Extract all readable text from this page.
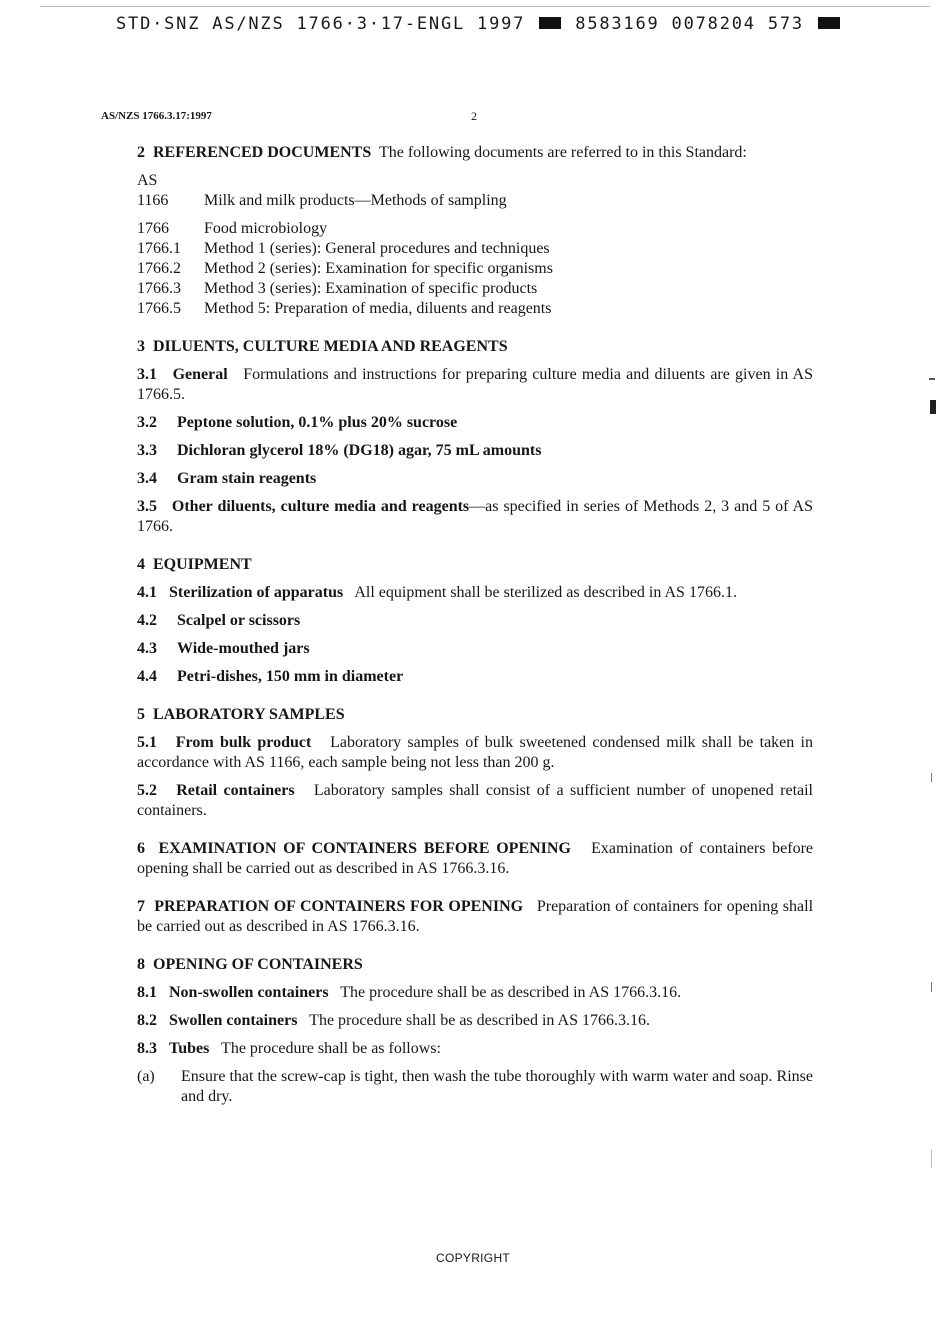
STD·SNZ AS/NZS 1766·3·17-ENGL 1997	8583169 0078204 573
AS/NZS 1766.3.17:1997	2

2 REFERENCED DOCUMENTS The following documents are referred to in this Standard:

AS
1166	Milk and milk products—Methods of sampling
1766	Food microbiology
1766.1	Method 1 (series): General procedures and techniques
1766.2	Method 2 (series): Examination for specific organisms
1766.3	Method 3 (series): Examination of specific products
1766.5	Method 5: Preparation of media, diluents and reagents

3 DILUENTS, CULTURE MEDIA AND REAGENTS

3.1 General Formulations and instructions for preparing culture media and diluents are given in AS 1766.5.

3.2	Peptone solution, 0.1% plus 20% sucrose
3.3	Dichloran glycerol 18% (DG18) agar, 75 mL amounts
3.4	Gram stain reagents

3.5 Other diluents, culture media and reagents—as specified in series of Methods 2, 3 and 5 of AS 1766.

4 EQUIPMENT

4.1 Sterilization of apparatus All equipment shall be sterilized as described in AS 1766.1.

4.2	Scalpel or scissors
4.3	Wide-mouthed jars
4.4	Petri-dishes, 150 mm in diameter

5 LABORATORY SAMPLES

5.1 From bulk product Laboratory samples of bulk sweetened condensed milk shall be taken in accordance with AS 1166, each sample being not less than 200 g.

5.2 Retail containers Laboratory samples shall consist of a sufficient number of unopened retail containers.

6 EXAMINATION OF CONTAINERS BEFORE OPENING Examination of containers before opening shall be carried out as described in AS 1766.3.16.

7 PREPARATION OF CONTAINERS FOR OPENING Preparation of containers for opening shall be carried out as described in AS 1766.3.16.

8 OPENING OF CONTAINERS

8.1 Non-swollen containers The procedure shall be as described in AS 1766.3.16.

8.2 Swollen containers The procedure shall be as described in AS 1766.3.16.

8.3 Tubes The procedure shall be as follows:

(a)	Ensure that the screw-cap is tight, then wash the tube thoroughly with warm water and soap. Rinse and dry.
COPYRIGHT
